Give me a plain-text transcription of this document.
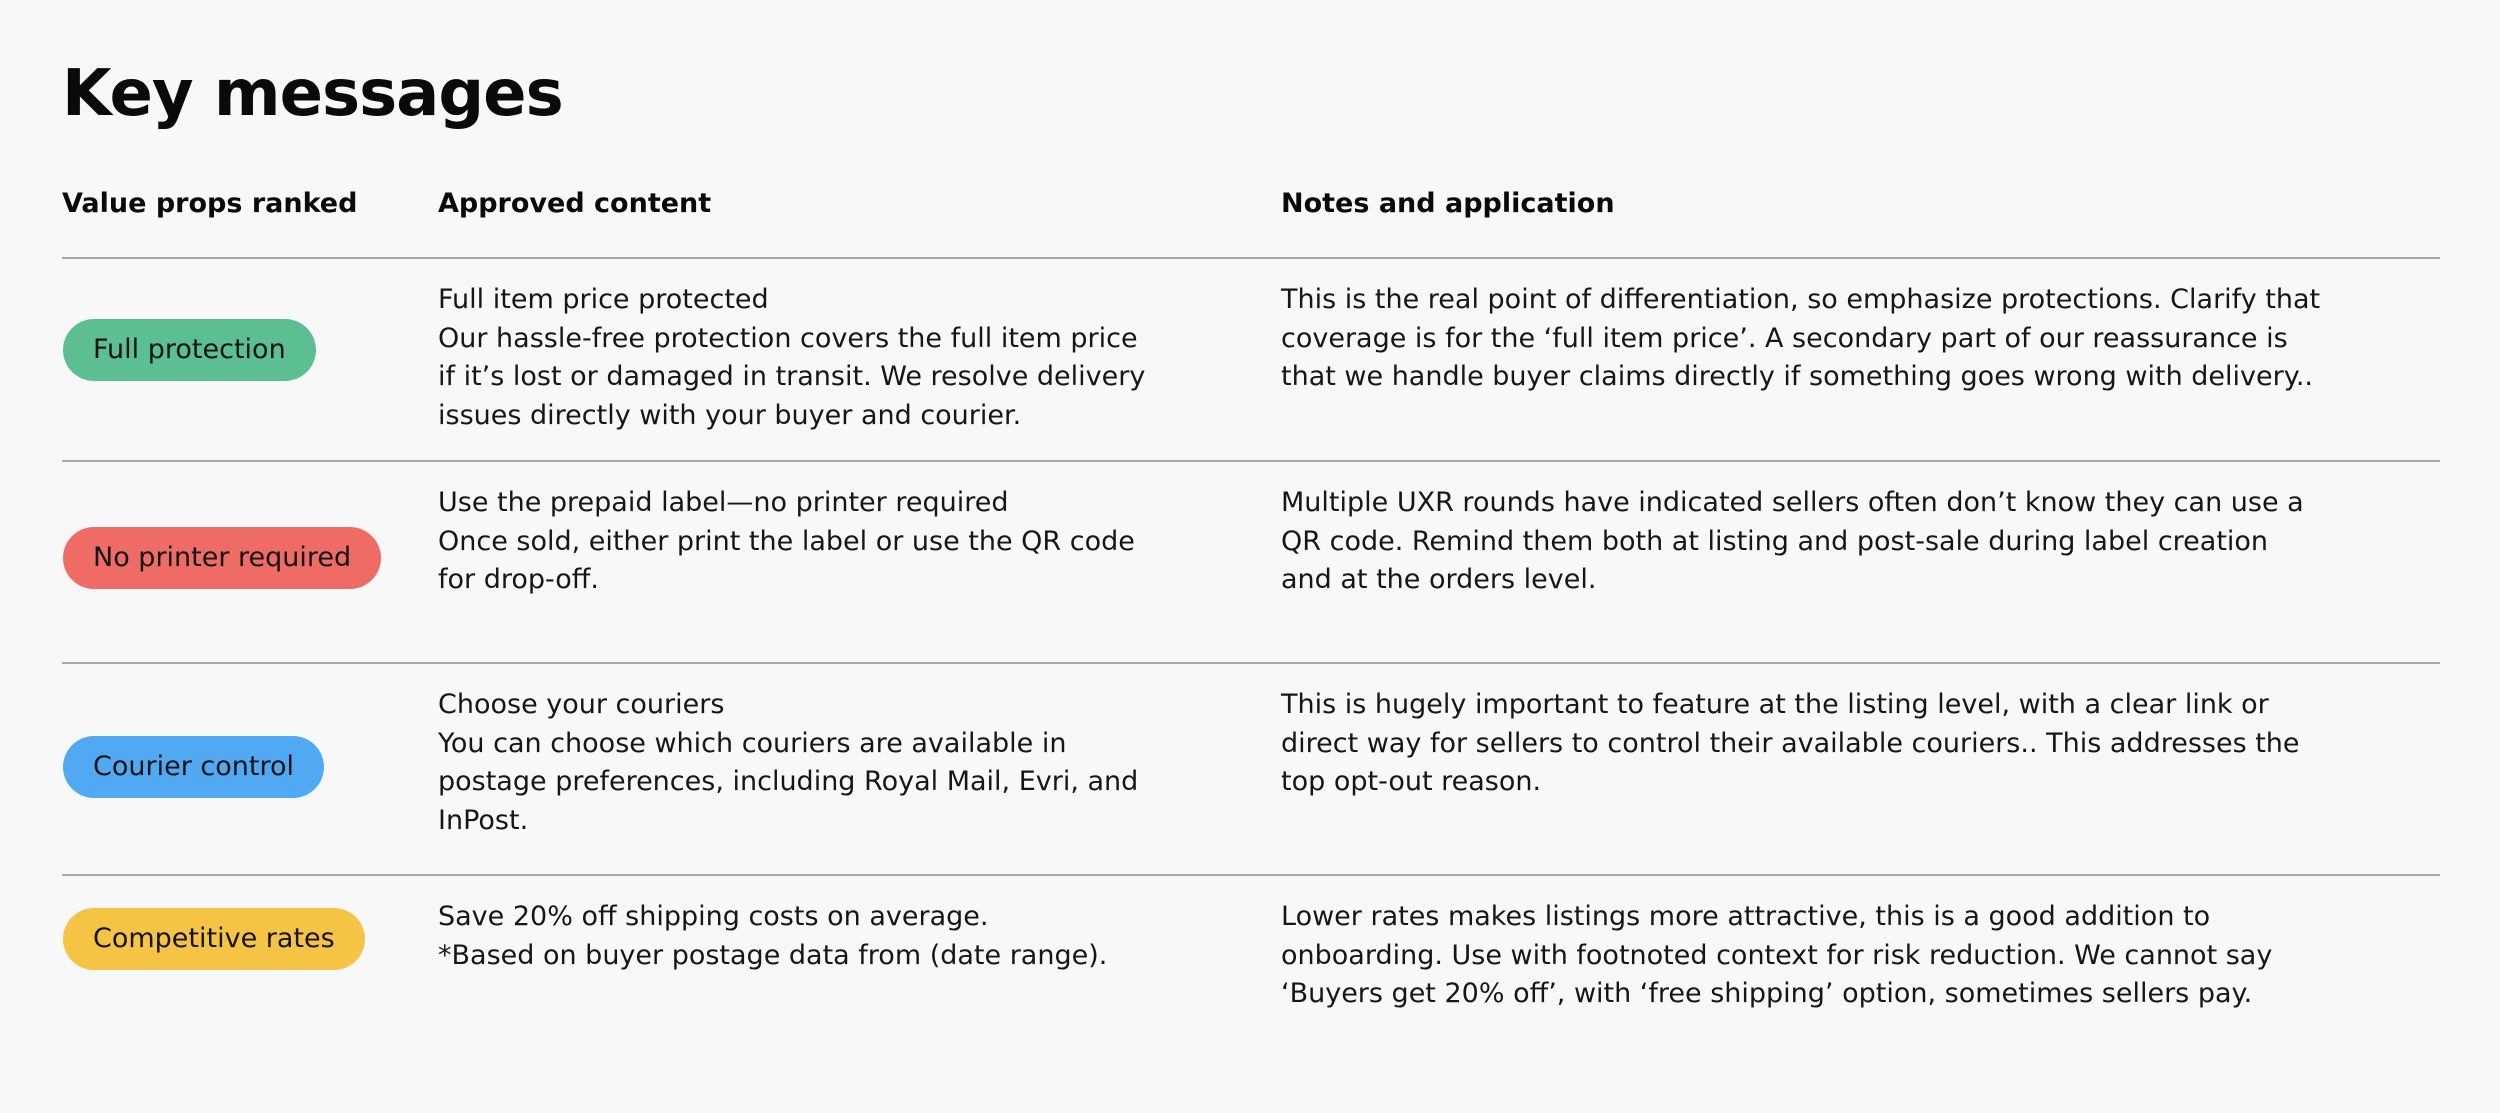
Key messages
Value props ranked	Approved content	Notes and application
Full protection
Full item price protected
Our hassle-free protection covers the full item price
if it’s lost or damaged in transit. We resolve delivery
issues directly with your buyer and courier.
This is the real point of differentiation, so emphasize protections. Clarify that
coverage is for the ‘full item price’. A secondary part of our reassurance is
that we handle buyer claims directly if something goes wrong with delivery..
No printer required
Use the prepaid label—no printer required
Once sold, either print the label or use the QR code
for drop-off.
Multiple UXR rounds have indicated sellers often don’t know they can use a
QR code. Remind them both at listing and post-sale during label creation
and at the orders level.
Courier control
Choose your couriers
You can choose which couriers are available in
postage preferences, including Royal Mail, Evri, and
InPost.
This is hugely important to feature at the listing level, with a clear link or
direct way for sellers to control their available couriers.. This addresses the
top opt-out reason.
Competitive rates
Save 20% off shipping costs on average.
*Based on buyer postage data from (date range).
Lower rates makes listings more attractive, this is a good addition to
onboarding. Use with footnoted context for risk reduction. We cannot say
‘Buyers get 20% off’, with ‘free shipping’ option, sometimes sellers pay.
